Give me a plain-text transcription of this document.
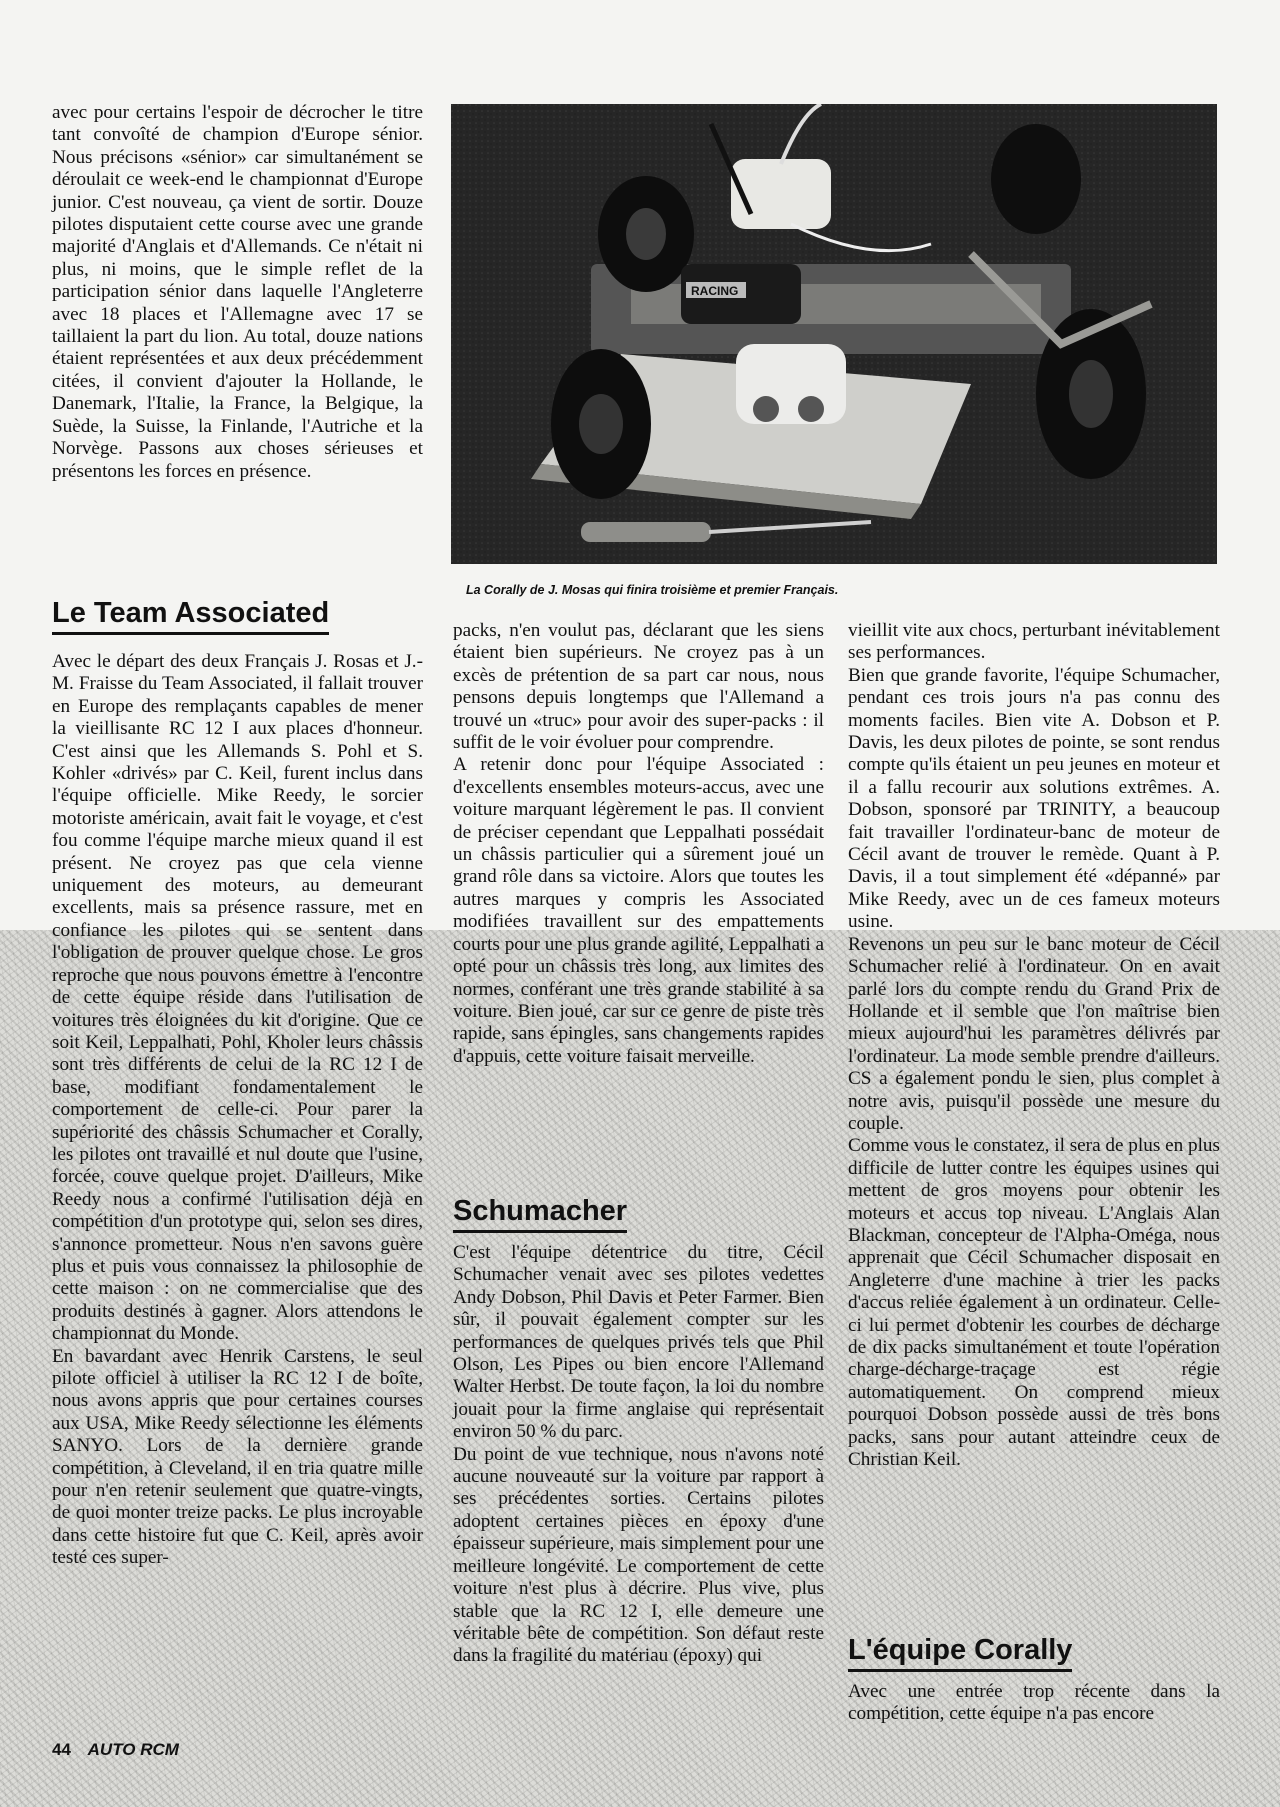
avec pour certains l'espoir de décrocher le titre tant convoîté de champion d'Europe sénior. Nous précisons «sénior» car simultanément se déroulait ce week-end le championnat d'Europe junior. C'est nouveau, ça vient de sortir. Douze pilotes disputaient cette course avec une grande majorité d'Anglais et d'Allemands. Ce n'était ni plus, ni moins, que le simple reflet de la participation sénior dans laquelle l'Angleterre avec 18 places et l'Allemagne avec 17 se taillaient la part du lion. Au total, douze nations étaient représentées et aux deux précédemment citées, il convient d'ajouter la Hollande, le Danemark, l'Italie, la France, la Belgique, la Suède, la Suisse, la Finlande, l'Autriche et la Norvège. Passons aux choses sérieuses et présentons les forces en présence.

Le Team Associated

Avec le départ des deux Français J. Rosas et J.-M. Fraisse du Team Associated, il fallait trouver en Europe des remplaçants capables de mener la vieillisante RC 12 I aux places d'honneur. C'est ainsi que les Allemands S. Pohl et S. Kohler «drivés» par C. Keil, furent inclus dans l'équipe officielle. Mike Reedy, le sorcier motoriste américain, avait fait le voyage, et c'est fou comme l'équipe marche mieux quand il est présent. Ne croyez pas que cela vienne uniquement des moteurs, au demeurant excellents, mais sa présence rassure, met en confiance les pilotes qui se sentent dans l'obligation de prouver quelque chose. Le gros reproche que nous pouvons émettre à l'encontre de cette équipe réside dans l'utilisation de voitures très éloignées du kit d'origine. Que ce soit Keil, Leppalhati, Pohl, Kholer leurs châssis sont très différents de celui de la RC 12 I de base, modifiant fondamentalement le comportement de celle-ci. Pour parer la supériorité des châssis Schumacher et Corally, les pilotes ont travaillé et nul doute que l'usine, forcée, couve quelque projet. D'ailleurs, Mike Reedy nous a confirmé l'utilisation déjà en compétition d'un prototype qui, selon ses dires, s'annonce prometteur. Nous n'en savons guère plus et puis vous connaissez la philosophie de cette maison : on ne commercialise que des produits destinés à gagner. Alors attendons le championnat du Monde.

En bavardant avec Henrik Carstens, le seul pilote officiel à utiliser la RC 12 I de boîte, nous avons appris que pour certaines courses aux USA, Mike Reedy sélectionne les éléments SANYO. Lors de la dernière grande compétition, à Cleveland, il en tria quatre mille pour n'en retenir seulement que quatre-vingts, de quoi monter treize packs. Le plus incroyable dans cette histoire fut que C. Keil, après avoir testé ces super-

RACING
La Corally de J. Mosas qui finira troisième et premier Français.

packs, n'en voulut pas, déclarant que les siens étaient bien supérieurs. Ne croyez pas à un excès de prétention de sa part car nous, nous pensons depuis longtemps que l'Allemand a trouvé un «truc» pour avoir des super-packs : il suffit de le voir évoluer pour comprendre.

A retenir donc pour l'équipe Associated : d'excellents ensembles moteurs-accus, avec une voiture marquant légèrement le pas. Il convient de préciser cependant que Leppalhati possédait un châssis particulier qui a sûrement joué un grand rôle dans sa victoire. Alors que toutes les autres marques y compris les Associated modifiées travaillent sur des empattements courts pour une plus grande agilité, Leppalhati a opté pour un châssis très long, aux limites des normes, conférant une très grande stabilité à sa voiture. Bien joué, car sur ce genre de piste très rapide, sans épingles, sans changements rapides d'appuis, cette voiture faisait merveille.

Schumacher

C'est l'équipe détentrice du titre, Cécil Schumacher venait avec ses pilotes vedettes Andy Dobson, Phil Davis et Peter Farmer. Bien sûr, il pouvait également compter sur les performances de quelques privés tels que Phil Olson, Les Pipes ou bien encore l'Allemand Walter Herbst. De toute façon, la loi du nombre jouait pour la firme anglaise qui représentait environ 50 % du parc.

Du point de vue technique, nous n'avons noté aucune nouveauté sur la voiture par rapport à ses précédentes sorties. Certains pilotes adoptent certaines pièces en époxy d'une épaisseur supérieure, mais simplement pour une meilleure longévité. Le comportement de cette voiture n'est plus à décrire. Plus vive, plus stable que la RC 12 I, elle demeure une véritable bête de compétition. Son défaut reste dans la fragilité du matériau (époxy) qui

vieillit vite aux chocs, perturbant inévitablement ses performances.

Bien que grande favorite, l'équipe Schumacher, pendant ces trois jours n'a pas connu des moments faciles. Bien vite A. Dobson et P. Davis, les deux pilotes de pointe, se sont rendus compte qu'ils étaient un peu jeunes en moteur et il a fallu recourir aux solutions extrêmes. A. Dobson, sponsoré par TRINITY, a beaucoup fait travailler l'ordinateur-banc de moteur de Cécil avant de trouver le remède. Quant à P. Davis, il a tout simplement été «dépanné» par Mike Reedy, avec un de ces fameux moteurs usine.

Revenons un peu sur le banc moteur de Cécil Schumacher relié à l'ordinateur. On en avait parlé lors du compte rendu du Grand Prix de Hollande et il semble que l'on maîtrise bien mieux aujourd'hui les paramètres délivrés par l'ordinateur. La mode semble prendre d'ailleurs. CS a également pondu le sien, plus complet à notre avis, puisqu'il possède une mesure du couple.

Comme vous le constatez, il sera de plus en plus difficile de lutter contre les équipes usines qui mettent de gros moyens pour obtenir les moteurs et accus top niveau. L'Anglais Alan Blackman, concepteur de l'Alpha-Oméga, nous apprenait que Cécil Schumacher disposait en Angleterre d'une machine à trier les packs d'accus reliée également à un ordinateur. Celle-ci lui permet d'obtenir les courbes de décharge de dix packs simultanément et toute l'opération charge-décharge-traçage est régie automatiquement. On comprend mieux pourquoi Dobson possède aussi de très bons packs, sans pour autant atteindre ceux de Christian Keil.

L'équipe Corally

Avec une entrée trop récente dans la compétition, cette équipe n'a pas encore

44 AUTO RCM
